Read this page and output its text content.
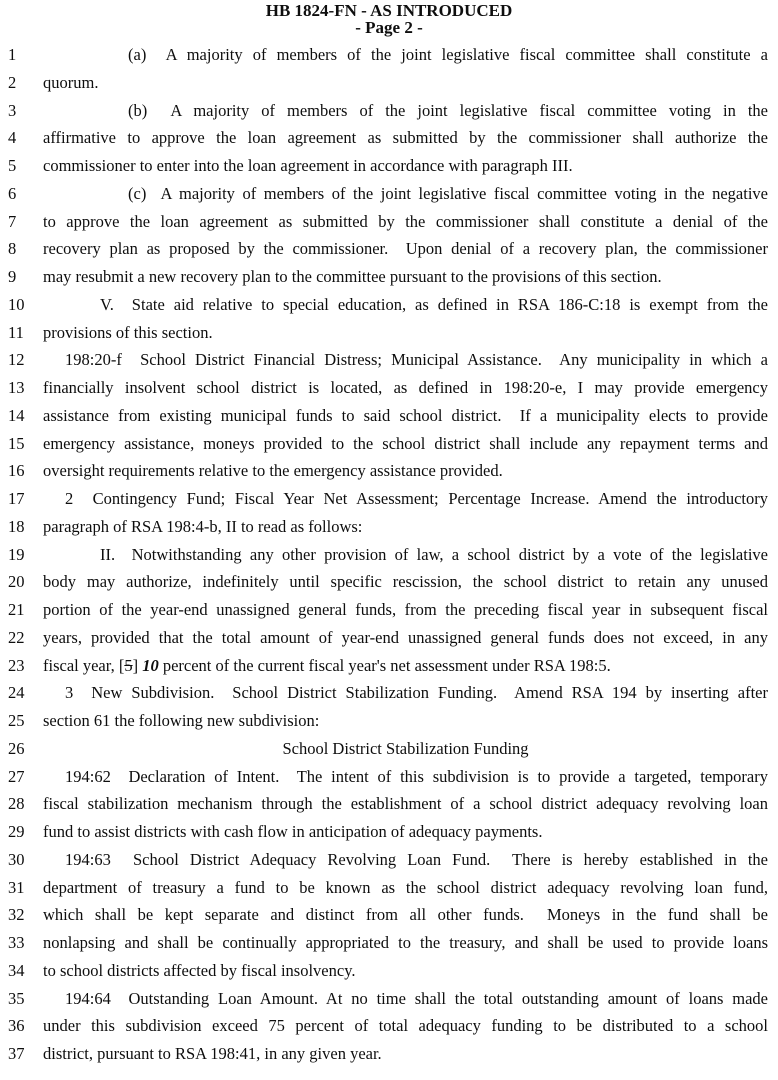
HB 1824-FN - AS INTRODUCED
- Page 2 -
1	(a)  A majority of members of the joint legislative fiscal committee shall constitute a
2	quorum.
3	(b)  A majority of members of the joint legislative fiscal committee voting in the
4	affirmative to approve the loan agreement as submitted by the commissioner shall authorize the
5	commissioner to enter into the loan agreement in accordance with paragraph III.
6	(c)  A majority of members of the joint legislative fiscal committee voting in the negative
7	to approve the loan agreement as submitted by the commissioner shall constitute a denial of the
8	recovery plan as proposed by the commissioner.  Upon denial of a recovery plan, the commissioner
9	may resubmit a new recovery plan to the committee pursuant to the provisions of this section.
10	V.  State aid relative to special education, as defined in RSA 186-C:18 is exempt from the
11	provisions of this section.
12	198:20-f  School District Financial Distress; Municipal Assistance.  Any municipality in which a
13	financially insolvent school district is located, as defined in 198:20-e, I may provide emergency
14	assistance from existing municipal funds to said school district.  If a municipality elects to provide
15	emergency assistance, moneys provided to the school district shall include any repayment terms and
16	oversight requirements relative to the emergency assistance provided.
17	2  Contingency Fund; Fiscal Year Net Assessment; Percentage Increase. Amend the introductory
18	paragraph of RSA 198:4-b, II to read as follows:
19	II.  Notwithstanding any other provision of law, a school district by a vote of the legislative
20	body may authorize, indefinitely until specific rescission, the school district to retain any unused
21	portion of the year-end unassigned general funds, from the preceding fiscal year in subsequent fiscal
22	years, provided that the total amount of year-end unassigned general funds does not exceed, in any
23	fiscal year, [5] 10 percent of the current fiscal year's net assessment under RSA 198:5.
24	3  New Subdivision.  School District Stabilization Funding.  Amend RSA 194 by inserting after
25	section 61 the following new subdivision:
26	School District Stabilization Funding
27	194:62  Declaration of Intent.  The intent of this subdivision is to provide a targeted, temporary
28	fiscal stabilization mechanism through the establishment of a school district adequacy revolving loan
29	fund to assist districts with cash flow in anticipation of adequacy payments.
30	194:63  School District Adequacy Revolving Loan Fund.  There is hereby established in the
31	department of treasury a fund to be known as the school district adequacy revolving loan fund,
32	which shall be kept separate and distinct from all other funds.  Moneys in the fund shall be
33	nonlapsing and shall be continually appropriated to the treasury, and shall be used to provide loans
34	to school districts affected by fiscal insolvency.
35	194:64  Outstanding Loan Amount. At no time shall the total outstanding amount of loans made
36	under this subdivision exceed 75 percent of total adequacy funding to be distributed to a school
37	district, pursuant to RSA 198:41, in any given year.
